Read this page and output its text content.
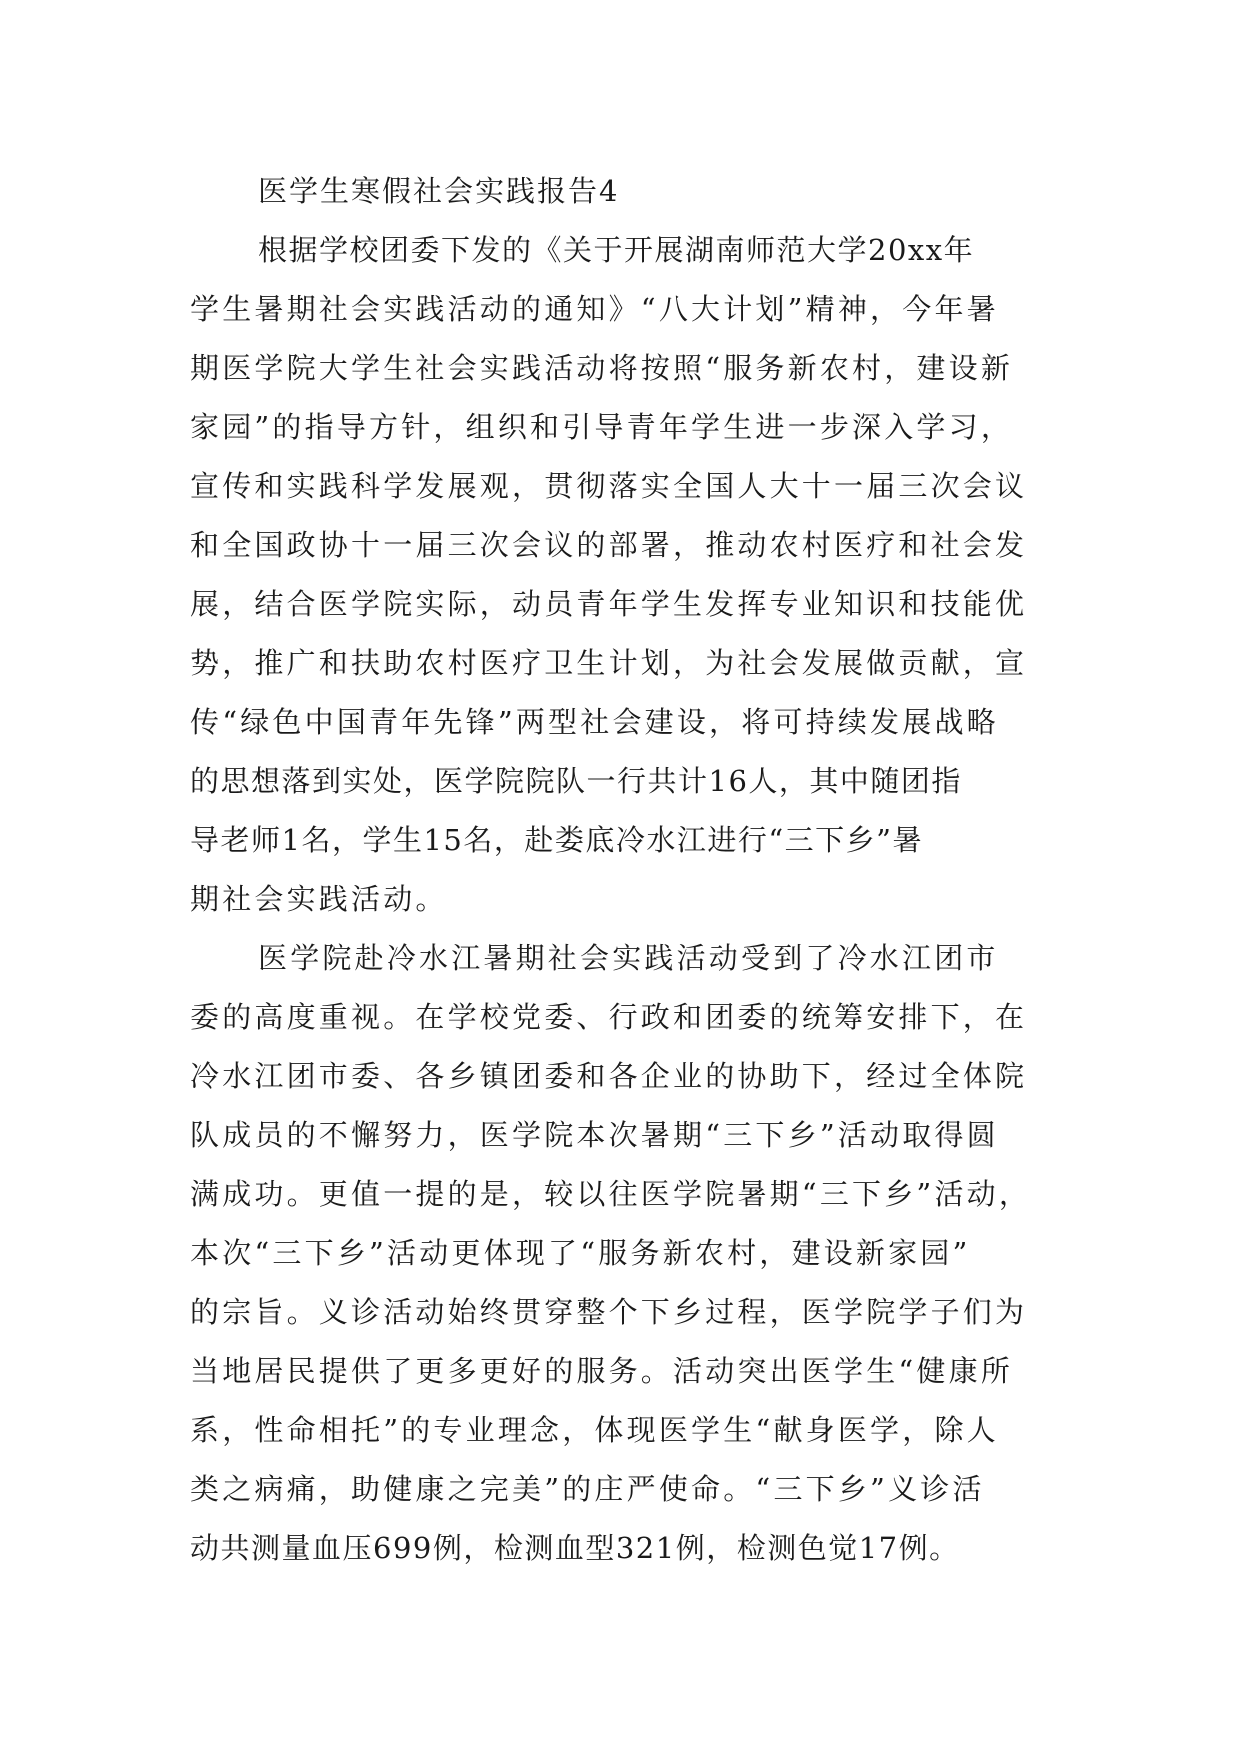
医学生寒假社会实践报告4
根据学校团委下发的《关于开展湖南师范大学20xx年
学生暑期社会实践活动的通知》“八大计划”精神，今年暑
期医学院大学生社会实践活动将按照“服务新农村，建设新
家园”的指导方针，组织和引导青年学生进一步深入学习，
宣传和实践科学发展观，贯彻落实全国人大十一届三次会议
和全国政协十一届三次会议的部署，推动农村医疗和社会发
展，结合医学院实际，动员青年学生发挥专业知识和技能优
势，推广和扶助农村医疗卫生计划，为社会发展做贡献，宣
传“绿色中国青年先锋”两型社会建设，将可持续发展战略
的思想落到实处，医学院院队一行共计16人，其中随团指
导老师1名，学生15名，赴娄底冷水江进行“三下乡”暑
期社会实践活动。
医学院赴冷水江暑期社会实践活动受到了冷水江团市
委的高度重视。在学校党委、行政和团委的统筹安排下，在
冷水江团市委、各乡镇团委和各企业的协助下，经过全体院
队成员的不懈努力，医学院本次暑期“三下乡”活动取得圆
满成功。更值一提的是，较以往医学院暑期“三下乡”活动，
本次“三下乡”活动更体现了“服务新农村，建设新家园”
的宗旨。义诊活动始终贯穿整个下乡过程，医学院学子们为
当地居民提供了更多更好的服务。活动突出医学生“健康所
系，性命相托”的专业理念，体现医学生“献身医学，除人
类之病痛，助健康之完美”的庄严使命。“三下乡”义诊活
动共测量血压699例，检测血型321例，检测色觉17例。
